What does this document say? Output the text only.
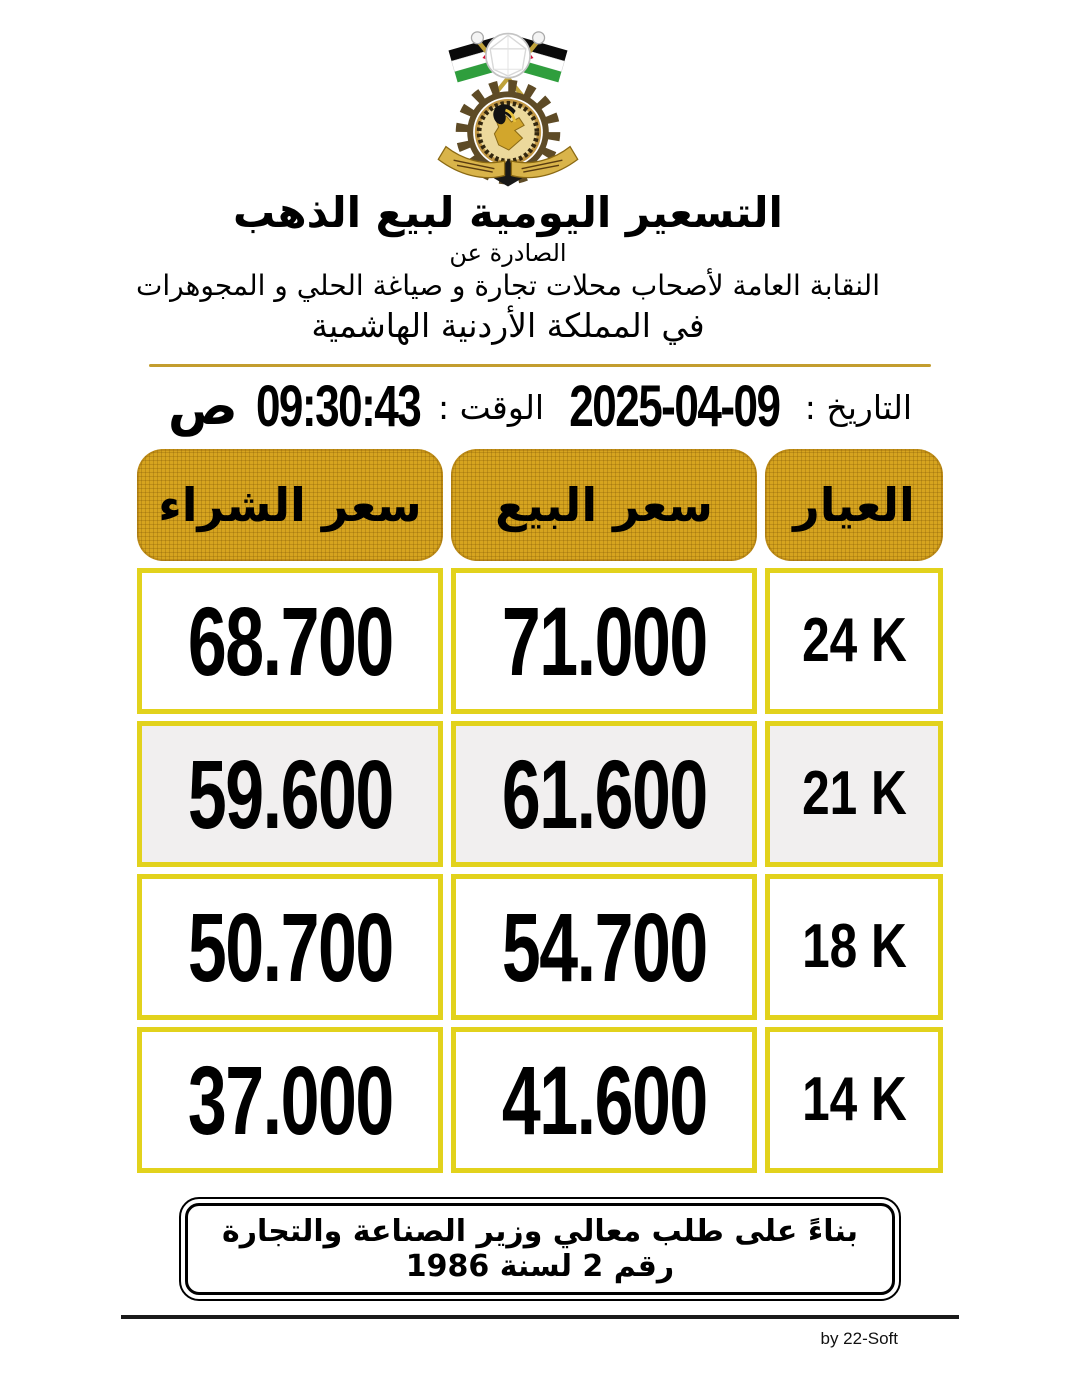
التسعير اليومية لبيع الذهب
الصادرة عن
النقابة العامة لأصحاب محلات تجارة و صياغة الحلي و المجوهرات
في المملكة الأردنية الهاشمية
التاريخ :
2025-04-09
الوقت :
09:30:43
ص
العيار
سعر البيع
سعر الشراء
24 K
71.000
68.700
21 K
61.600
59.600
18 K
54.700
50.700
14 K
41.600
37.000
بناءً على طلب معالي وزير الصناعة والتجارة رقم 2 لسنة 1986
by 22-Soft
